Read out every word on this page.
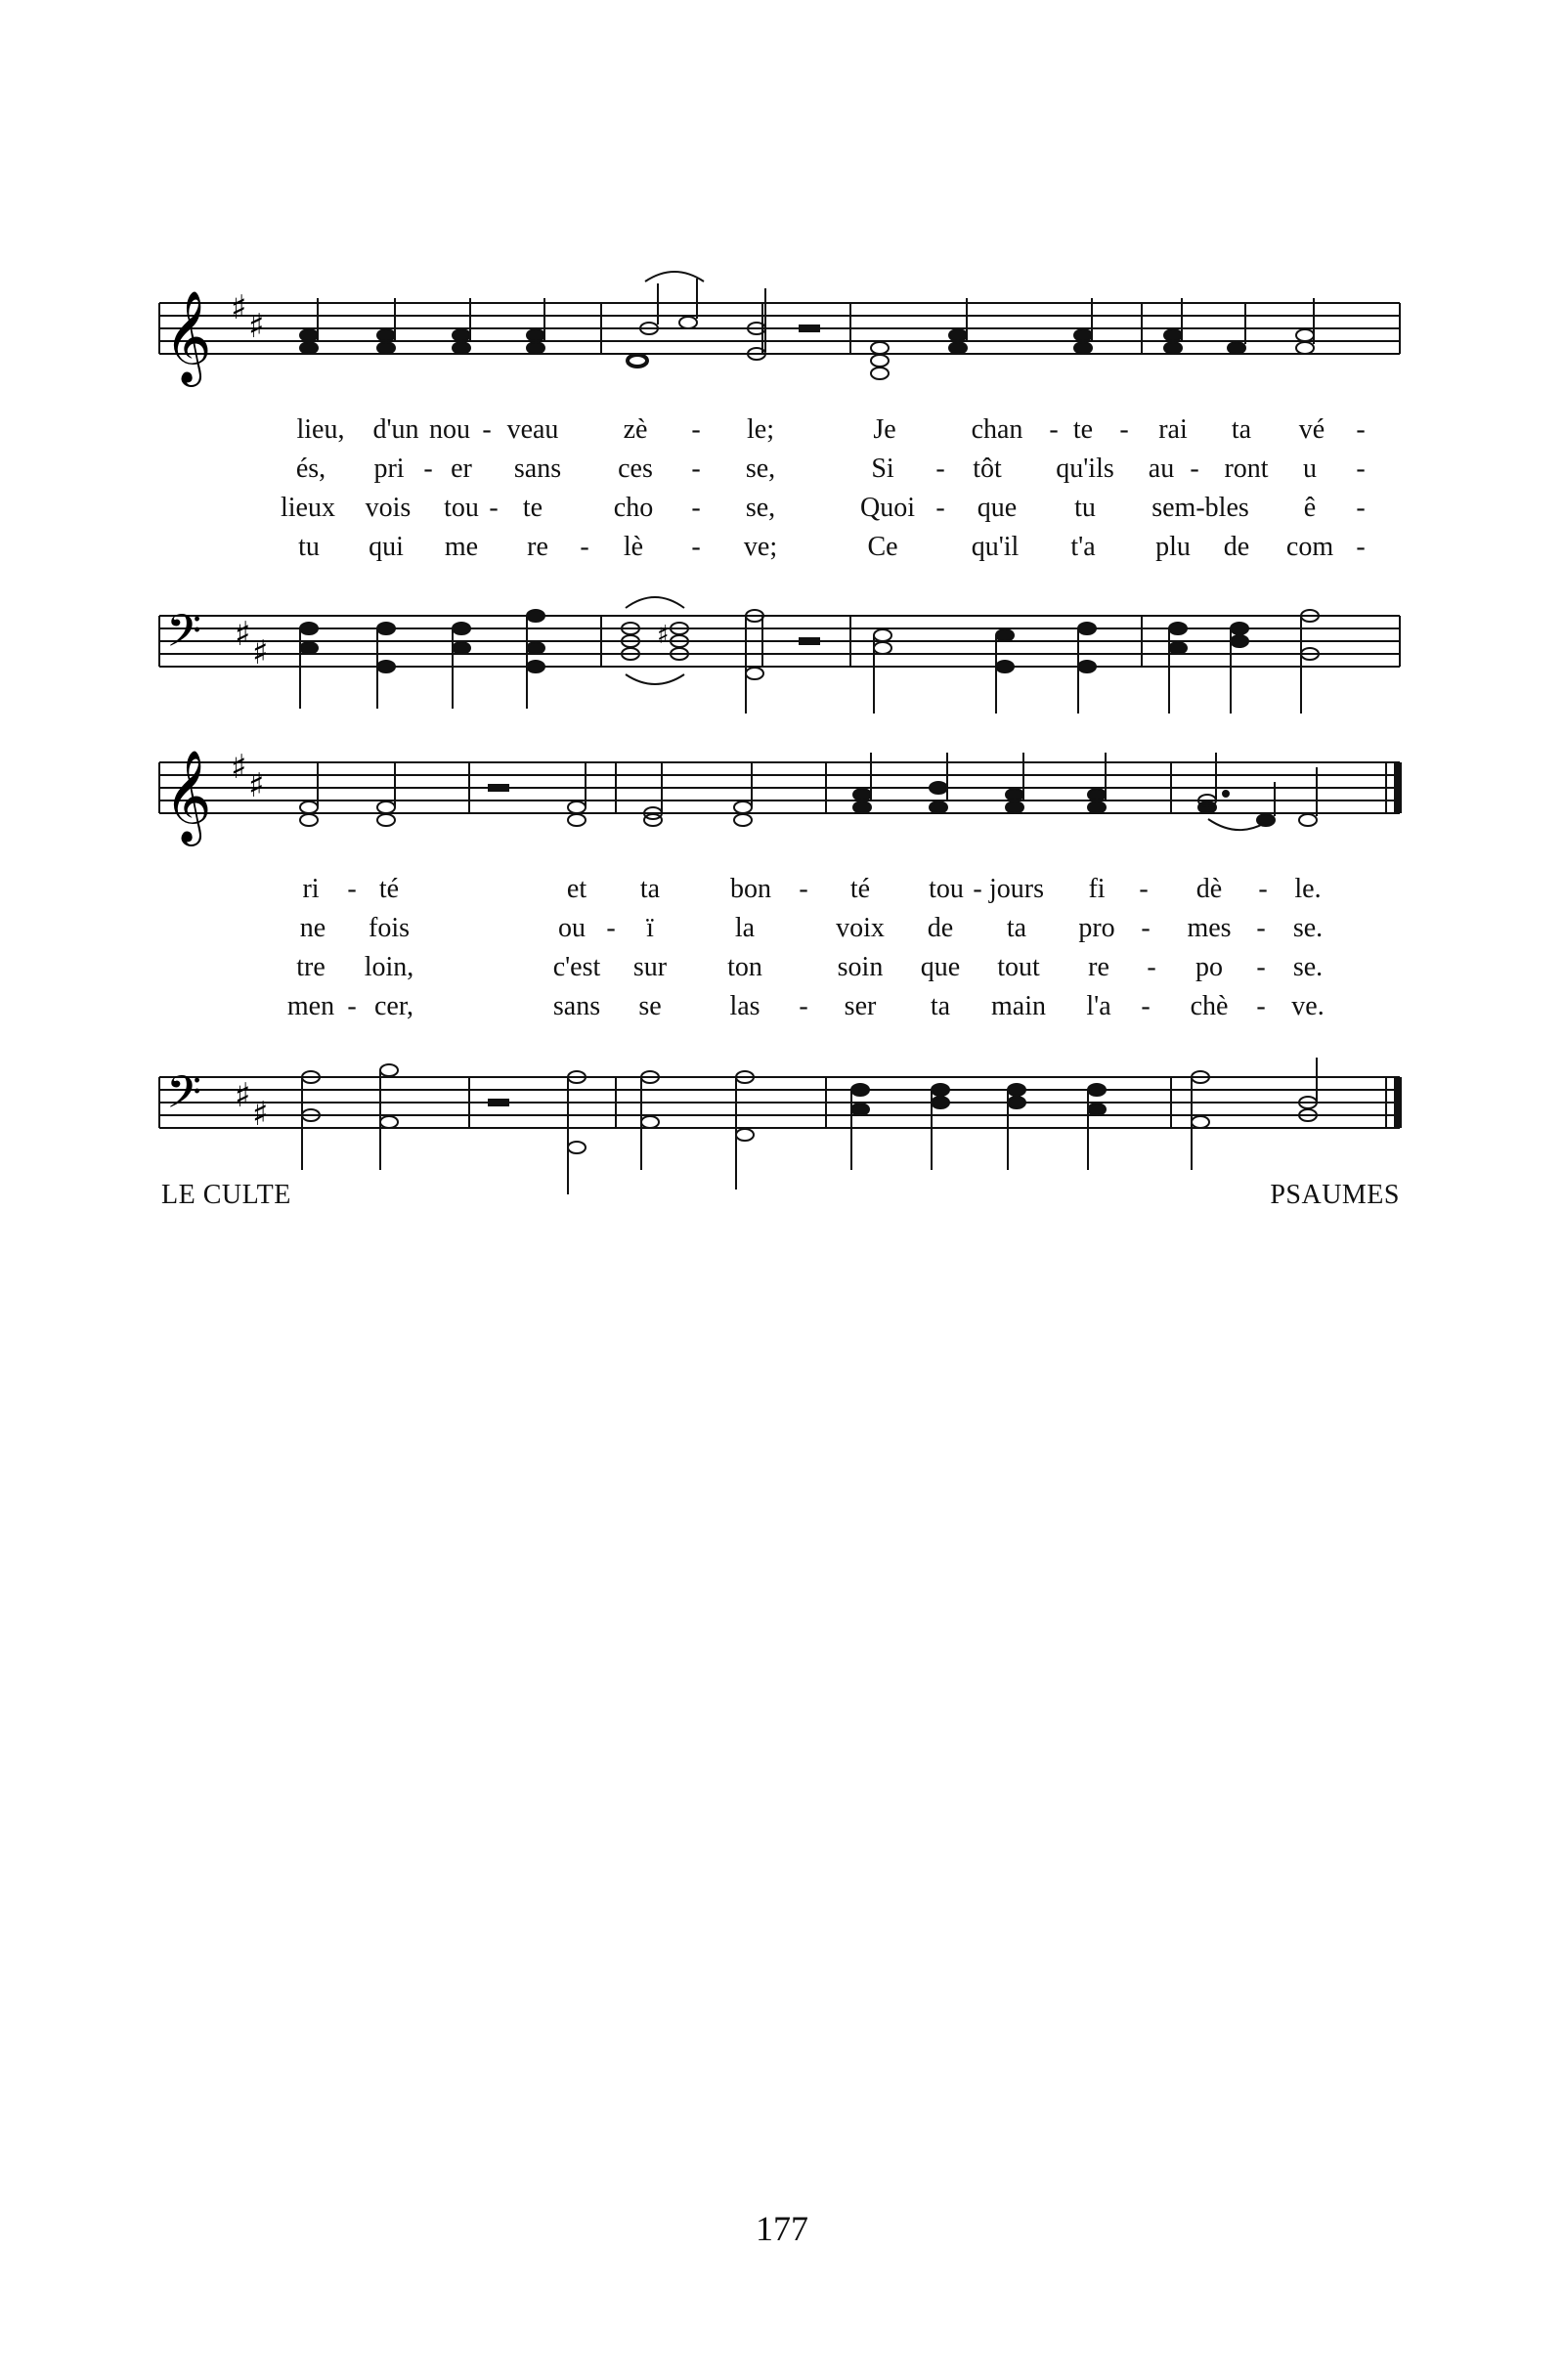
𝄞 ♯ ♯
lieu, d'un nou - veau zè - le;	Je	chan - te - rai ta vé -
és, pri - er sans ces - se,	Si - tôt qu'ils au - ront u -
lieux vois tou - te	cho - se,	Quoi - que tu sem-bles ê -
tu qui me re - lè - ve;	Ce	qu'il t'a plu de com -
𝄢 ♯ ♯	♯
𝄞 ♯ ♯
ri - té	et ta	bon - té tou - jours fi - dè - le.
ne fois	ou - ï	la	voix de ta pro - mes - se.
tre loin,	c'est sur ton	soin que tout re - po - se.
men - cer,	sans se las - ser ta main l'a - chè - ve.
𝄢 ♯ ♯
LE CULTE	PSAUMES
177
